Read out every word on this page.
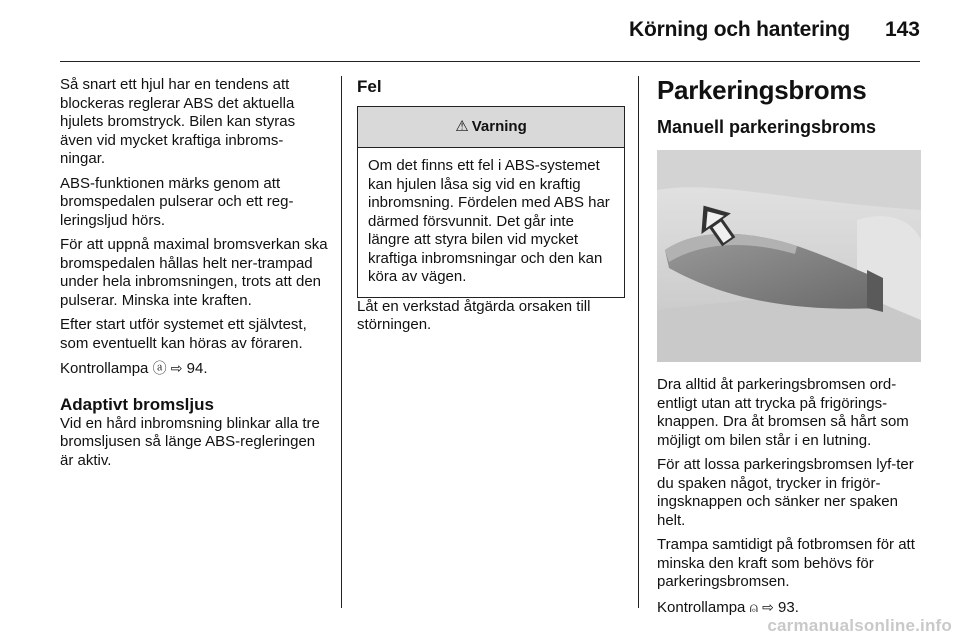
Körning och hantering 143

Så snart ett hjul har en tendens att blockeras reglerar ABS det aktuella hjulets bromstryck. Bilen kan styras även vid mycket kraftiga inbroms-ningar.

ABS-funktionen märks genom att bromspedalen pulserar och ett reg-leringsljud hörs.

För att uppnå maximal bromsverkan ska bromspedalen hållas helt ner-trampad under hela inbromsningen, trots att den pulserar. Minska inte kraften.

Efter start utför systemet ett självtest, som eventuellt kan höras av föraren.

Kontrollampa ⓐ ⇨ 94.

Adaptivt bromsljus

Vid en hård inbromsning blinkar alla tre bromsljusen så länge ABS-regleringen är aktiv.

Fel
⚠ Varning
Om det finns ett fel i ABS-systemet kan hjulen låsa sig vid en kraftig inbromsning. Fördelen med ABS har därmed försvunnit. Det går inte längre att styra bilen vid mycket kraftiga inbromsningar och den kan köra av vägen.

Låt en verkstad åtgärda orsaken till störningen.

Parkeringsbroms
Manuell parkeringsbroms

Dra alltid åt parkeringsbromsen ord-entligt utan att trycka på frigörings-knappen. Dra åt bromsen så hårt som möjligt om bilen står i en lutning.

För att lossa parkeringsbromsen lyf-ter du spaken något, trycker in frigör-ingsknappen och sänker ner spaken helt.

Trampa samtidigt på fotbromsen för att minska den kraft som behövs för parkeringsbromsen.

Kontrollampa ⍝ ⇨ 93.

carmanualsonline.info
